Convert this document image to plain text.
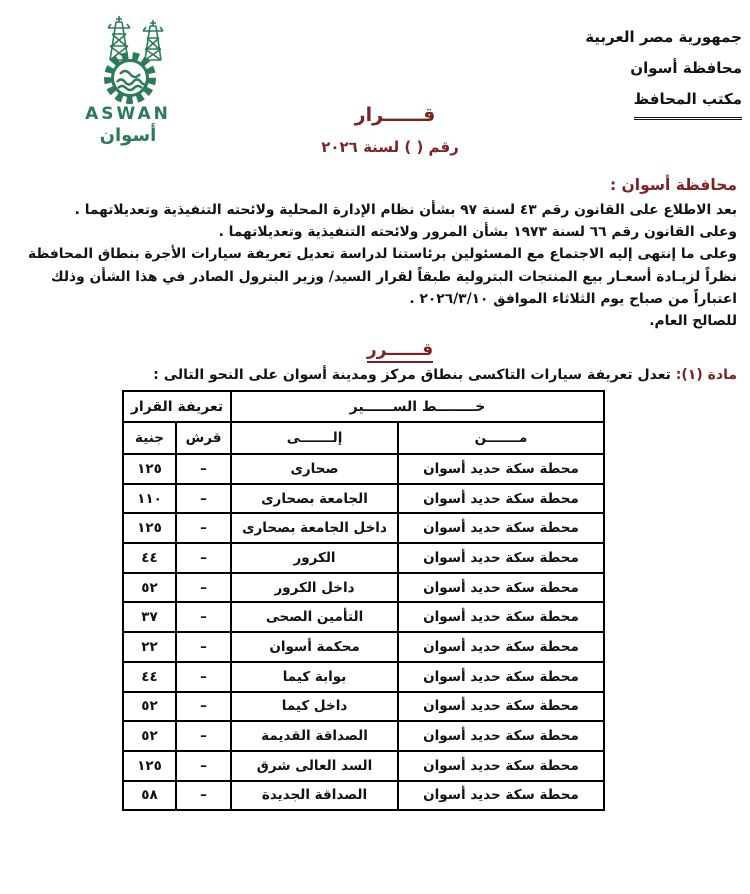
ASWAN
أسوان
جمهورية مصر العربية
محافظة أسوان
مكتب المحافظ
قــــــرار
رقم ( ) لسنة ٢٠٢٦
محافظة أسوان :
بعد الاطلاع على القانون رقم ٤٣ لسنة ٩٧ بشأن نظام الإدارة المحلية ولائحته التنفيذية وتعديلاتهما .
وعلى القانون رقم ٦٦ لسنة ١٩٧٣ بشأن المرور ولائحته التنفيذية وتعديلاتهما .
وعلى ما إنتهى إليه الاجتماع مع المسئولين برئاستنا لدراسة تعديل تعريفة سيارات الأجرة بنطاق المحافظة
نظراً لزيـادة أسعـار بيع المنتجات البترولية طبقاً لقرار السيد/ وزير البترول الصادر في هذا الشأن وذلك
اعتباراً من صباح يوم الثلاثاء الموافق ٢٠٢٦/٣/١٠ .
للصالح العام.
قــــــرر
مادة (١): تعدل تعريفة سيارات التاكسى بنطاق مركز ومدينة أسوان على النحو التالى :
خــــــــط الســــــير		تعريفة القرار	
مـــــــن	إلـــــــى	قرش	جنية
محطة سكة حديد أسوان	صحارى	–	١٢٥
محطة سكة حديد أسوان	الجامعة بصحارى	–	١١٠
محطة سكة حديد أسوان	داخل الجامعة بصحارى	–	١٢٥
محطة سكة حديد أسوان	الكرور	–	٤٤
محطة سكة حديد أسوان	داخل الكرور	–	٥٢
محطة سكة حديد أسوان	التأمين الصحى	–	٣٧
محطة سكة حديد أسوان	محكمة أسوان	–	٢٢
محطة سكة حديد أسوان	بوابة كيما	–	٤٤
محطة سكة حديد أسوان	داخل كيما	–	٥٢
محطة سكة حديد أسوان	الصداقة القديمة	–	٥٢
محطة سكة حديد أسوان	السد العالى شرق	–	١٢٥
محطة سكة حديد أسوان	الصداقة الجديدة	–	٥٨
